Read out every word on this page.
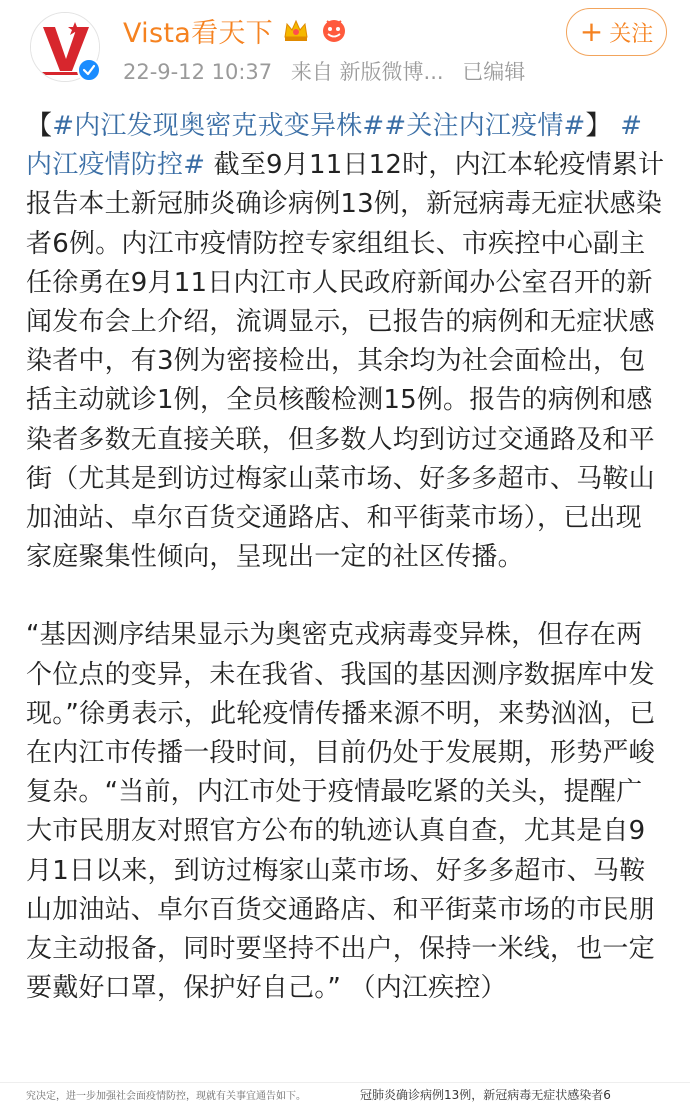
Vista看天下
22-9-12 10:37 来自 新版微博... 已编辑
+ 关注

【#内江发现奥密克戎变异株##关注内江疫情#】 #内江疫情防控# 截至9月11日12时，内江本轮疫情累计报告本土新冠肺炎确诊病例13例，新冠病毒无症状感染者6例。内江市疫情防控专家组组长、市疾控中心副主任徐勇在9月11日内江市人民政府新闻办公室召开的新闻发布会上介绍，流调显示，已报告的病例和无症状感染者中，有3例为密接检出，其余均为社会面检出，包括主动就诊1例，全员核酸检测15例。报告的病例和感染者多数无直接关联，但多数人均到访过交通路及和平街（尤其是到访过梅家山菜市场、好多多超市、马鞍山加油站、卓尔百货交通路店、和平街菜市场），已出现家庭聚集性倾向，呈现出一定的社区传播。

“基因测序结果显示为奥密克戎病毒变异株，但存在两个位点的变异，未在我省、我国的基因测序数据库中发现。”徐勇表示，此轮疫情传播来源不明，来势汹汹，已在内江市传播一段时间，目前仍处于发展期，形势严峻复杂。“当前，内江市处于疫情最吃紧的关头，提醒广大市民朋友对照官方公布的轨迹认真自查，尤其是自9月1日以来，到访过梅家山菜市场、好多多超市、马鞍山加油站、卓尔百货交通路店、和平街菜市场的市民朋友主动报备，同时要坚持不出户，保持一米线，也一定要戴好口罩，保护好自己。” （内江疾控）

究决定，进一步加强社会面疫情防控，现就有关事宜通告如下。	冠肺炎确诊病例13例，新冠病毒无症状感染者6
